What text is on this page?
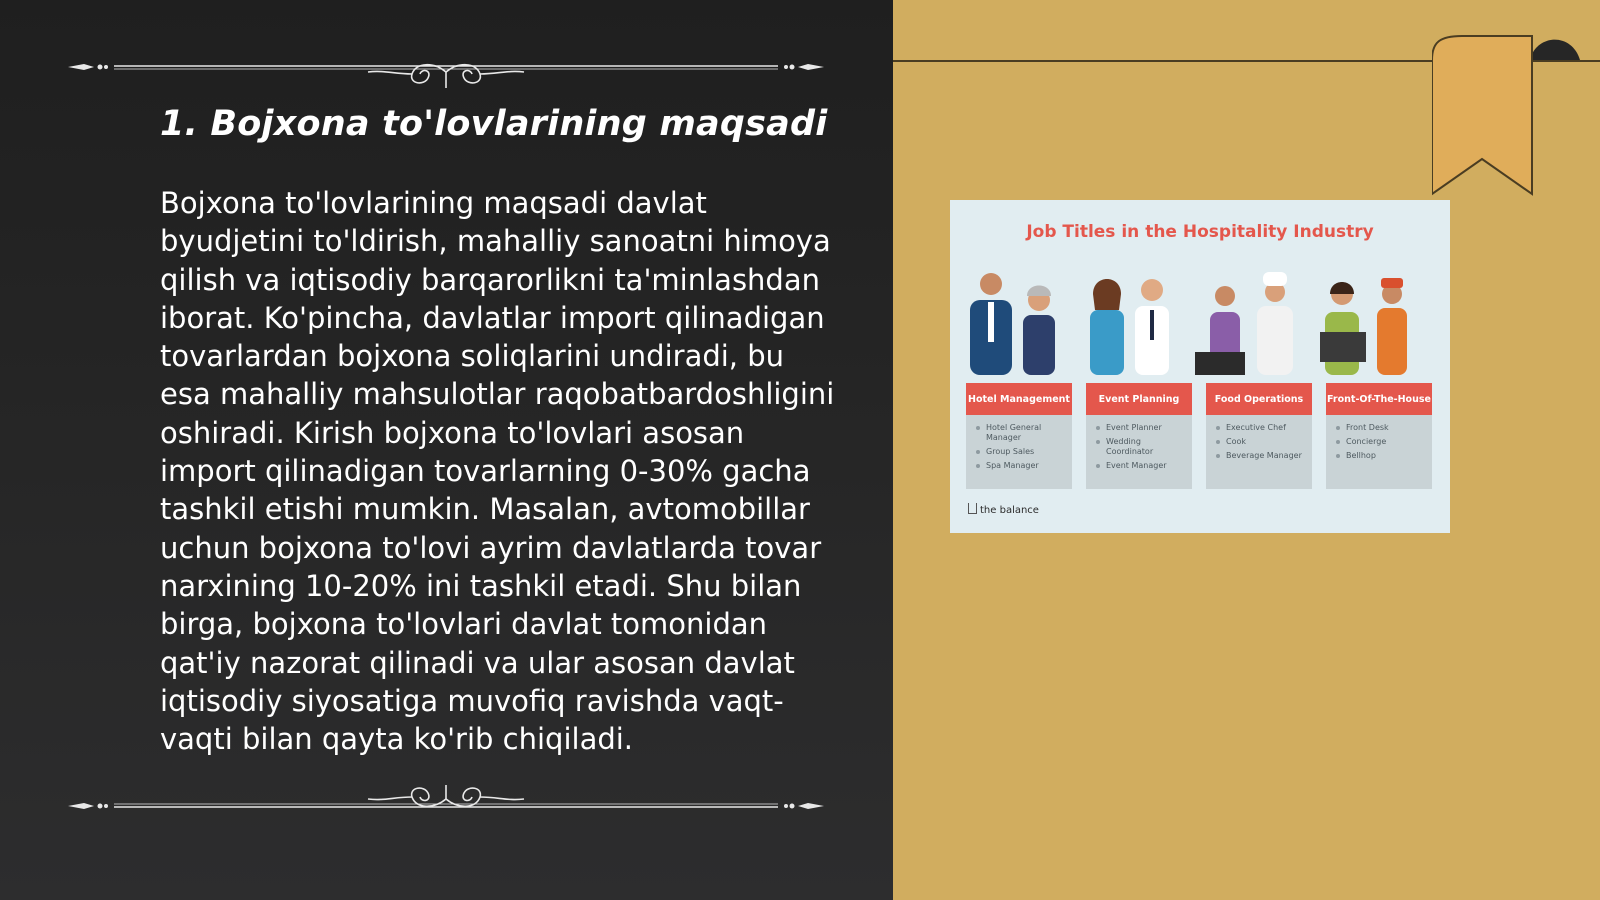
1. Bojxona to'lovlarining maqsadi

Bojxona to'lovlarining maqsadi davlat byudjetini to'ldirish, mahalliy sanoatni himoya qilish va iqtisodiy barqarorlikni ta'minlashdan iborat. Ko'pincha, davlatlar import qilinadigan tovarlardan bojxona soliqlarini undiradi, bu esa mahalliy mahsulotlar raqobatbardoshligini oshiradi. Kirish bojxona to'lovlari asosan import qilinadigan tovarlarning 0-30% gacha tashkil etishi mumkin. Masalan, avtomobillar uchun bojxona to'lovi ayrim davlatlarda tovar narxining 10-20% ini tashkil etadi. Shu bilan birga, bojxona to'lovlari davlat tomonidan qat'iy nazorat qilinadi va ular asosan davlat iqtisodiy siyosatiga muvofiq ravishda vaqt-vaqti bilan qayta ko'rib chiqiladi.

Job Titles in the Hospitality Industry
Hotel Management
Hotel General Manager
Group Sales
Spa Manager
Event Planning
Event Planner
Wedding Coordinator
Event Manager
Food Operations
Executive Chef
Cook
Beverage Manager
Front-Of-The-House
Front Desk
Concierge
Bellhop
the balance
